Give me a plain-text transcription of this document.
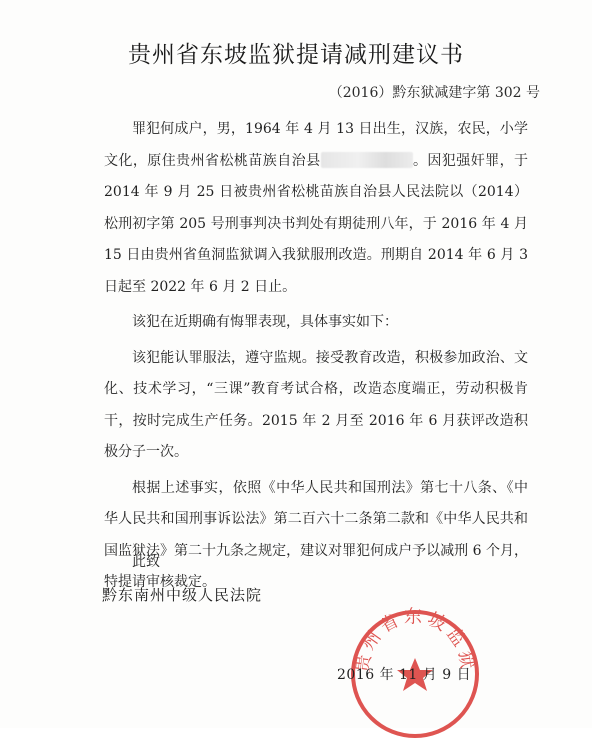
贵州省东坡监狱提请减刑建议书
（2016）黔东狱减建字第 302 号

罪犯何成户，男，1964 年 4 月 13 日出生，汉族，农民，小学文化，原住贵州省松桃苗族自治县	。因犯强奸罪，于 2014 年 9 月 25 日被贵州省松桃苗族自治县人民法院以（2014）松刑初字第 205 号刑事判决书判处有期徒刑八年，于 2016 年 4 月 15 日由贵州省鱼洞监狱调入我狱服刑改造。刑期自 2014 年 6 月 3 日起至 2022 年 6 月 2 日止。

该犯在近期确有悔罪表现，具体事实如下：

该犯能认罪服法，遵守监规。接受教育改造，积极参加政治、文化、技术学习，“三课”教育考试合格，改造态度端正，劳动积极肯干，按时完成生产任务。2015 年 2 月至 2016 年 6 月获评改造积极分子一次。

根据上述事实，依照《中华人民共和国刑法》第七十八条、《中华人民共和国刑事诉讼法》第二百六十二条第二款和《中华人民共和国监狱法》第二十九条之规定，建议对罪犯何成户予以减刑 6 个月，特提请审核裁定。

此致
黔东南州中级人民法院
贵州省东坡监狱
2016 年 11 月 9 日
